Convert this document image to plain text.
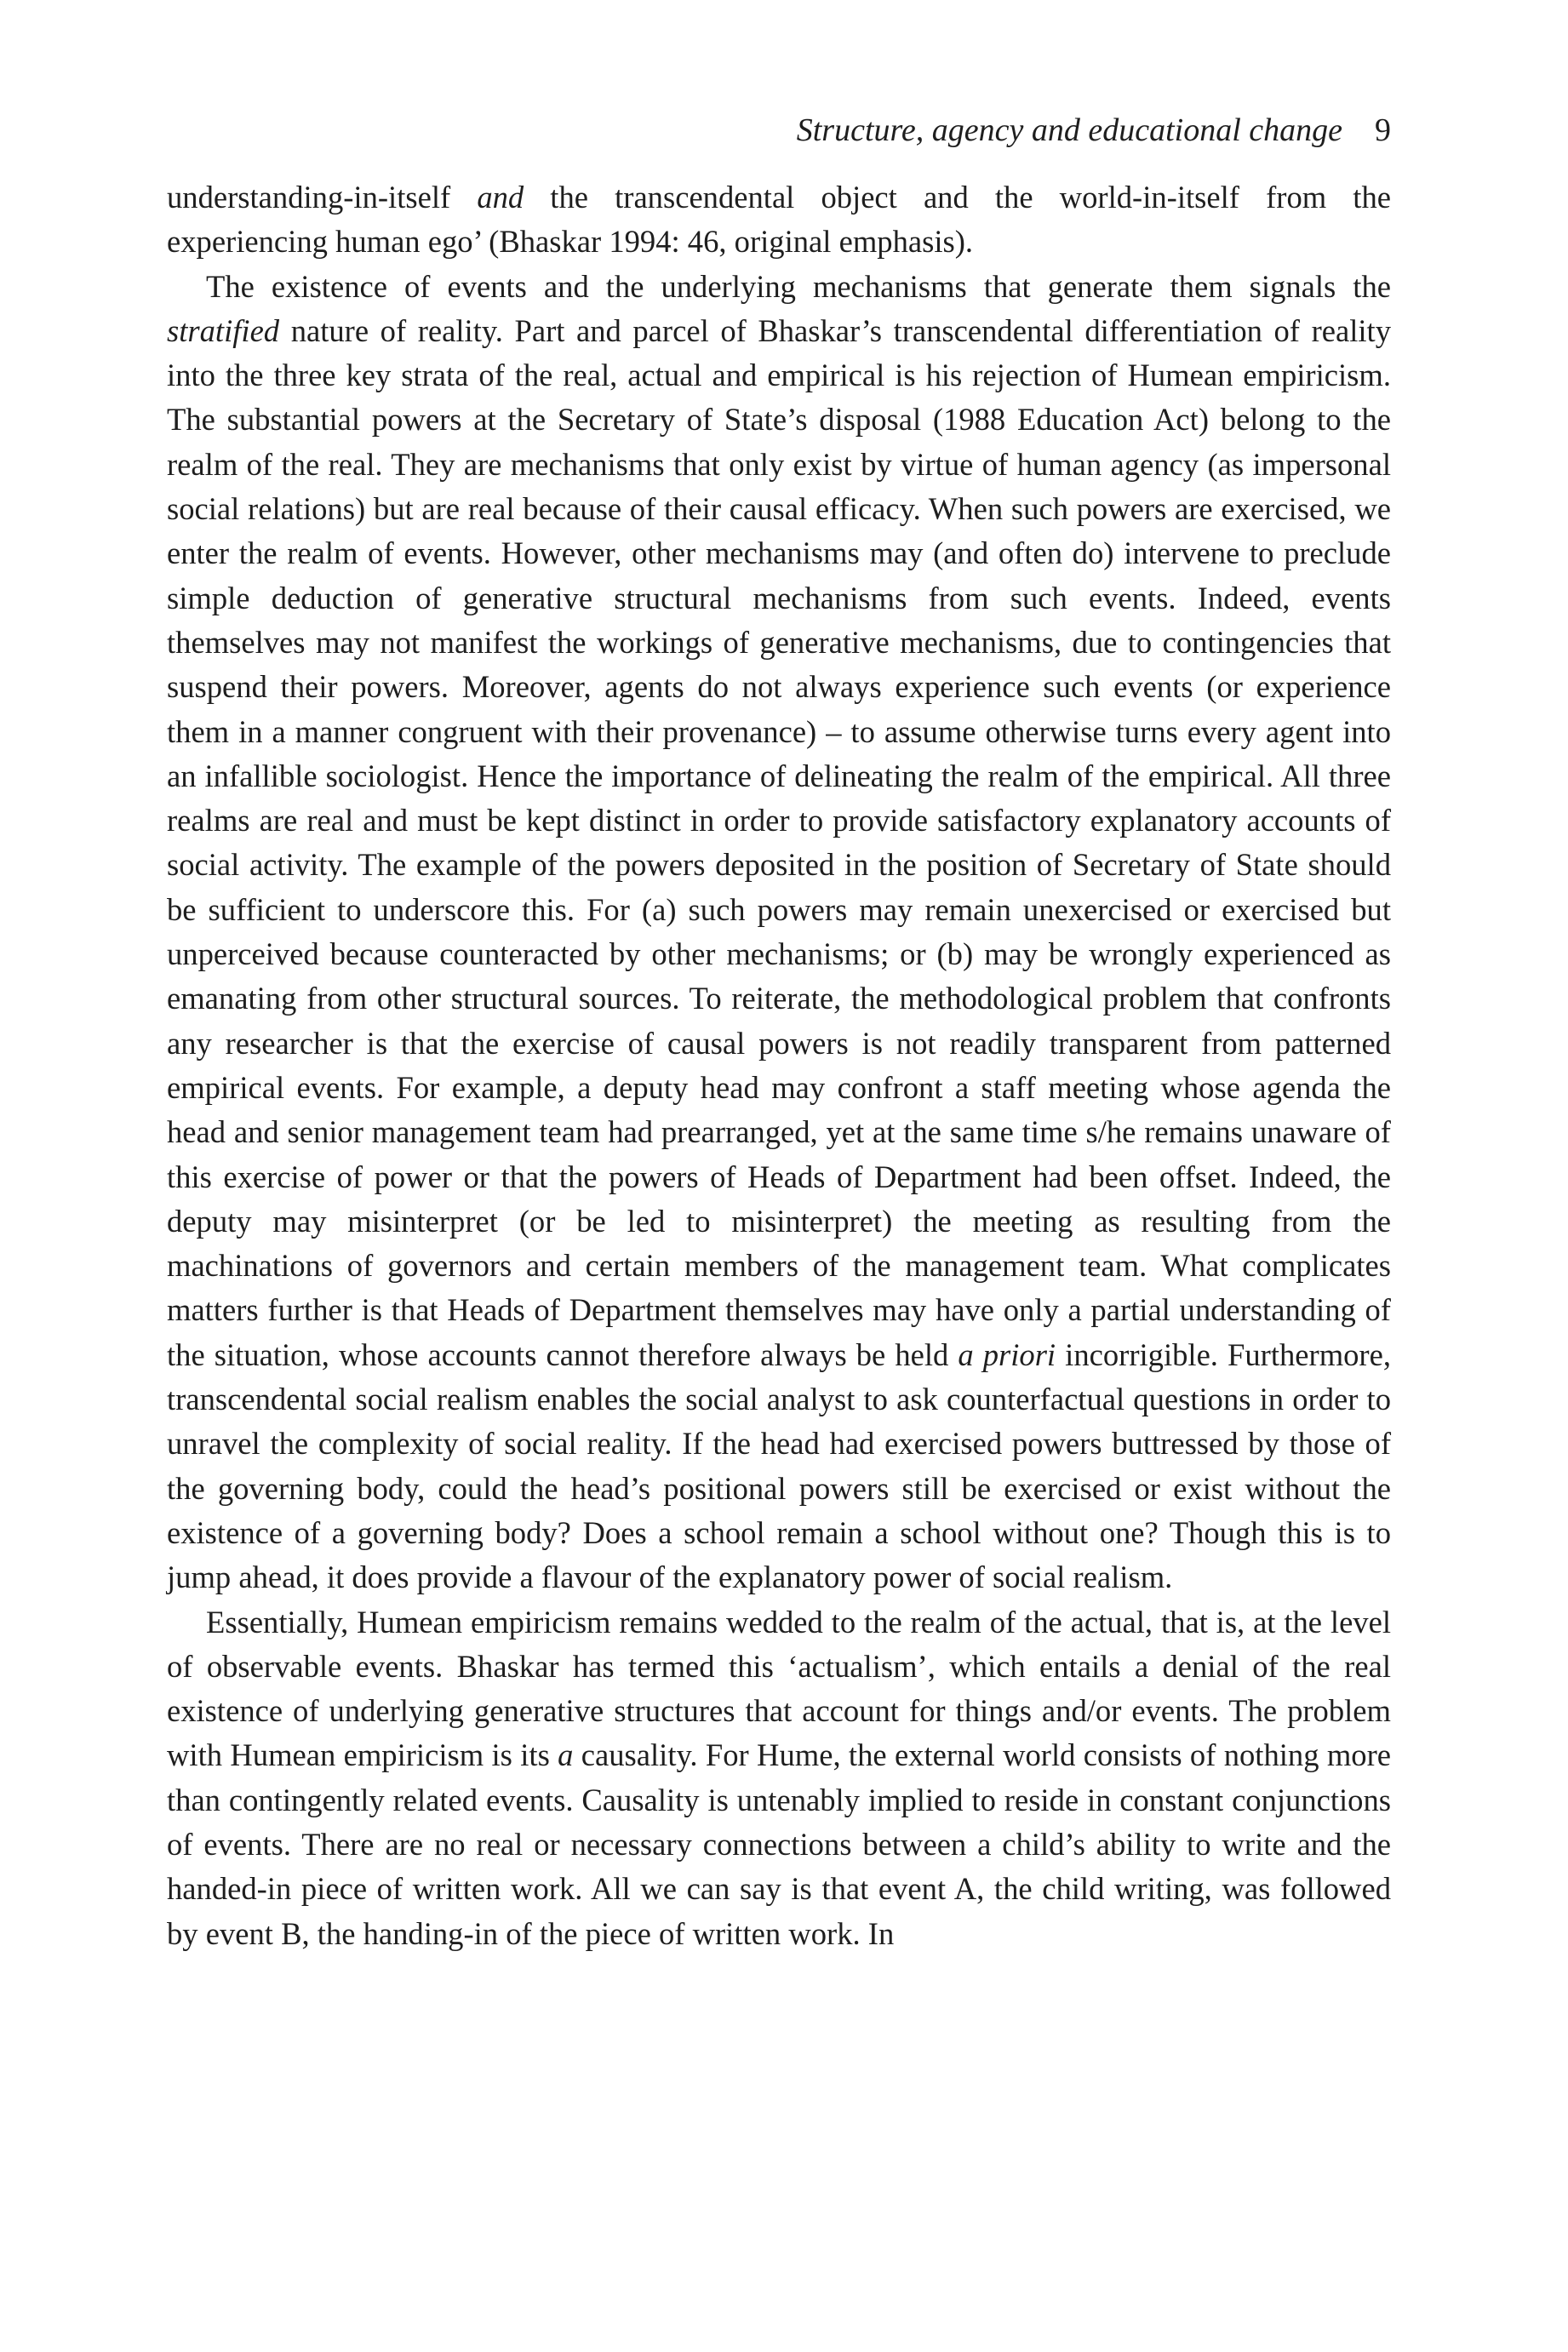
Structure, agency and educational change 9

understanding-in-itself and the transcendental object and the world-in-itself from the experiencing human ego’ (Bhaskar 1994: 46, original emphasis).

The existence of events and the underlying mechanisms that generate them signals the stratified nature of reality. Part and parcel of Bhaskar’s transcendental differentiation of reality into the three key strata of the real, actual and empirical is his rejection of Humean empiricism. The substantial powers at the Secretary of State’s disposal (1988 Education Act) belong to the realm of the real. They are mechanisms that only exist by virtue of human agency (as impersonal social relations) but are real because of their causal efficacy. When such powers are exercised, we enter the realm of events. However, other mechanisms may (and often do) intervene to preclude simple deduction of generative structural mechanisms from such events. Indeed, events themselves may not manifest the workings of generative mechanisms, due to contingencies that suspend their powers. Moreover, agents do not always experience such events (or experience them in a manner congruent with their provenance) – to assume otherwise turns every agent into an infallible sociologist. Hence the importance of delineating the realm of the empirical. All three realms are real and must be kept distinct in order to provide satisfactory explanatory accounts of social activity. The example of the powers deposited in the position of Secretary of State should be sufficient to underscore this. For (a) such powers may remain unexercised or exercised but unperceived because counteracted by other mechanisms; or (b) may be wrongly experienced as emanating from other structural sources. To reiterate, the methodological problem that confronts any researcher is that the exercise of causal powers is not readily transparent from patterned empirical events. For example, a deputy head may confront a staff meeting whose agenda the head and senior management team had prearranged, yet at the same time s/he remains unaware of this exercise of power or that the powers of Heads of Department had been offset. Indeed, the deputy may misinterpret (or be led to misinterpret) the meeting as resulting from the machinations of governors and certain members of the management team. What complicates matters further is that Heads of Department themselves may have only a partial understanding of the situation, whose accounts cannot therefore always be held a priori incorrigible. Furthermore, transcendental social realism enables the social analyst to ask counterfactual questions in order to unravel the complexity of social reality. If the head had exercised powers buttressed by those of the governing body, could the head’s positional powers still be exercised or exist without the existence of a governing body? Does a school remain a school without one? Though this is to jump ahead, it does provide a flavour of the explanatory power of social realism.

Essentially, Humean empiricism remains wedded to the realm of the actual, that is, at the level of observable events. Bhaskar has termed this ‘actualism’, which entails a denial of the real existence of underlying generative structures that account for things and/or events. The problem with Humean empiricism is its a causality. For Hume, the external world consists of nothing more than contingently related events. Causality is untenably implied to reside in constant conjunctions of events. There are no real or necessary connections between a child’s ability to write and the handed-in piece of written work. All we can say is that event A, the child writing, was followed by event B, the handing-in of the piece of written work. In
